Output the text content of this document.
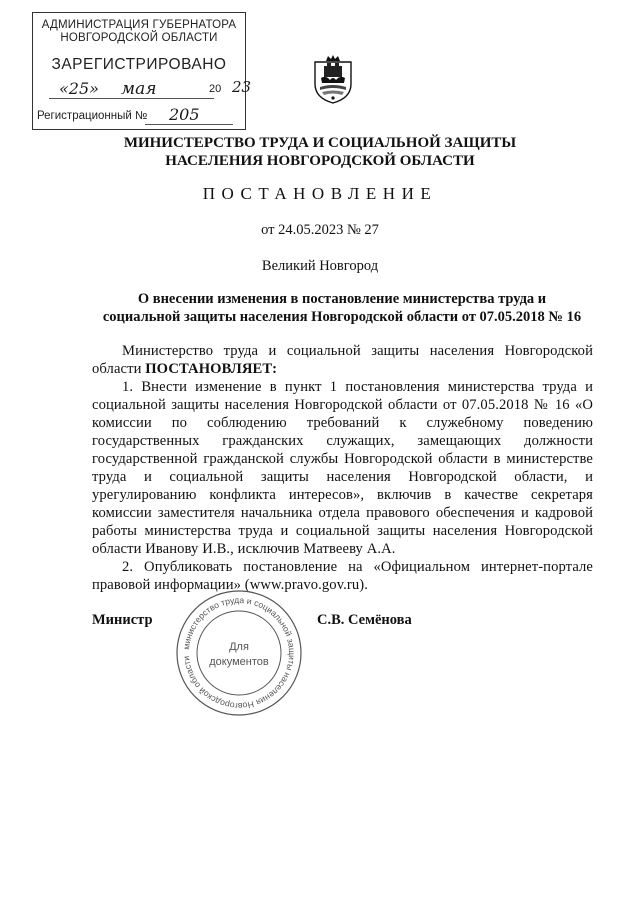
АДМИНИСТРАЦИЯ ГУБЕРНАТОРА
НОВГОРОДСКОЙ ОБЛАСТИ
ЗАРЕГИСТРИРОВАНО
«25» мая	20 23
Регистрационный № 205
МИНИСТЕРСТВО ТРУДА И СОЦИАЛЬНОЙ ЗАЩИТЫ
НАСЕЛЕНИЯ НОВГОРОДСКОЙ ОБЛАСТИ
ПОСТАНОВЛЕНИЕ
от 24.05.2023 № 27
Великий Новгород
О внесении изменения в постановление министерства труда и
социальной защиты населения Новгородской области от 07.05.2018 № 16

Министерство труда и социальной защиты населения Новгородской области ПОСТАНОВЛЯЕТ:

1. Внести изменение в пункт 1 постановления министерства труда и социальной защиты населения Новгородской области от 07.05.2018 № 16 «О комиссии по соблюдению требований к служебному поведению государственных гражданских служащих, замещающих должности государственной гражданской службы Новгородской области в министерстве труда и социальной защиты населения Новгородской области, и урегулированию конфликта интересов», включив в качестве секретаря комиссии заместителя начальника отдела правового обеспечения и кадровой работы министерства труда и социальной защиты населения Новгородской области Иванову И.В., исключив Матвееву А.А.

2. Опубликовать постановление на «Официальном интернет-портале правовой информации» (www.pravo.gov.ru).

Министр	С.В. Семёнова
министерство труда и социальной защиты населения Новгородской области
Для
документов
